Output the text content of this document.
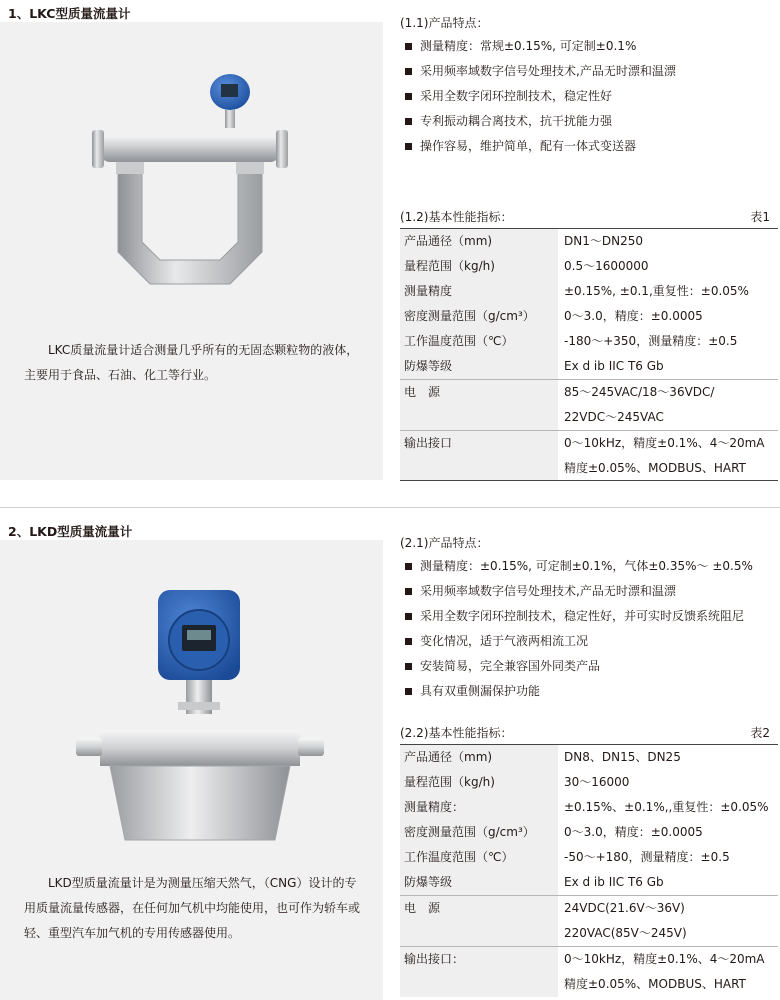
1、LKC型质量流量计
LKC质量流量计适合测量几乎所有的无固态颗粒物的液体，主要用于食品、石油、化工等行业。
(1.1)产品特点：
测量精度：常规±0.15%, 可定制±0.1%
采用频率域数字信号处理技术,产品无时漂和温漂
采用全数字闭环控制技术，稳定性好
专利振动耦合离技术，抗干扰能力强
操作容易，维护简单，配有一体式变送器
(1.2)基本性能指标：	表1
产品通径（mm)	DN1～DN250
量程范围（kg/h)	0.5～1600000
测量精度	±0.15%, ±0.1,重复性：±0.05%
密度测量范围（g/cm³）	0～3.0，精度：±0.0005
工作温度范围（℃）	-180～+350，测量精度：±0.5
防爆等级	Ex d ib IIC T6 Gb
电　源	85～245VAC/18～36VDC/
	22VDC～245VAC
输出接口	0～10kHz，精度±0.1%、4～20mA
	精度±0.05%、MODBUS、HART
2、LKD型质量流量计
LKD型质量流量计是为测量压缩天然气，（CNG）设计的专用质量流量传感器，在任何加气机中均能使用，也可作为轿车或轻、重型汽车加气机的专用传感器使用。
(2.1)产品特点：
测量精度：±0.15%, 可定制±0.1%，气体±0.35%～ ±0.5%
采用频率域数字信号处理技术,产品无时漂和温漂
采用全数字闭环控制技术，稳定性好，并可实时反馈系统阻尼
变化情况，适于气液两相流工况
安装简易，完全兼容国外同类产品
具有双重侧漏保护功能
(2.2)基本性能指标：	表2
产品通径（mm)	DN8、DN15、DN25
量程范围（kg/h)	30～16000
测量精度：	±0.15%、±0.1%,,重复性：±0.05%
密度测量范围（g/cm³）	0～3.0，精度：±0.0005
工作温度范围（℃）	-50～+180，测量精度：±0.5
防爆等级	Ex d ib IIC T6 Gb
电　源	24VDC(21.6V～36V)
	220VAC(85V～245V)
输出接口：	0～10kHz，精度±0.1%、4～20mA
	精度±0.05%、MODBUS、HART
